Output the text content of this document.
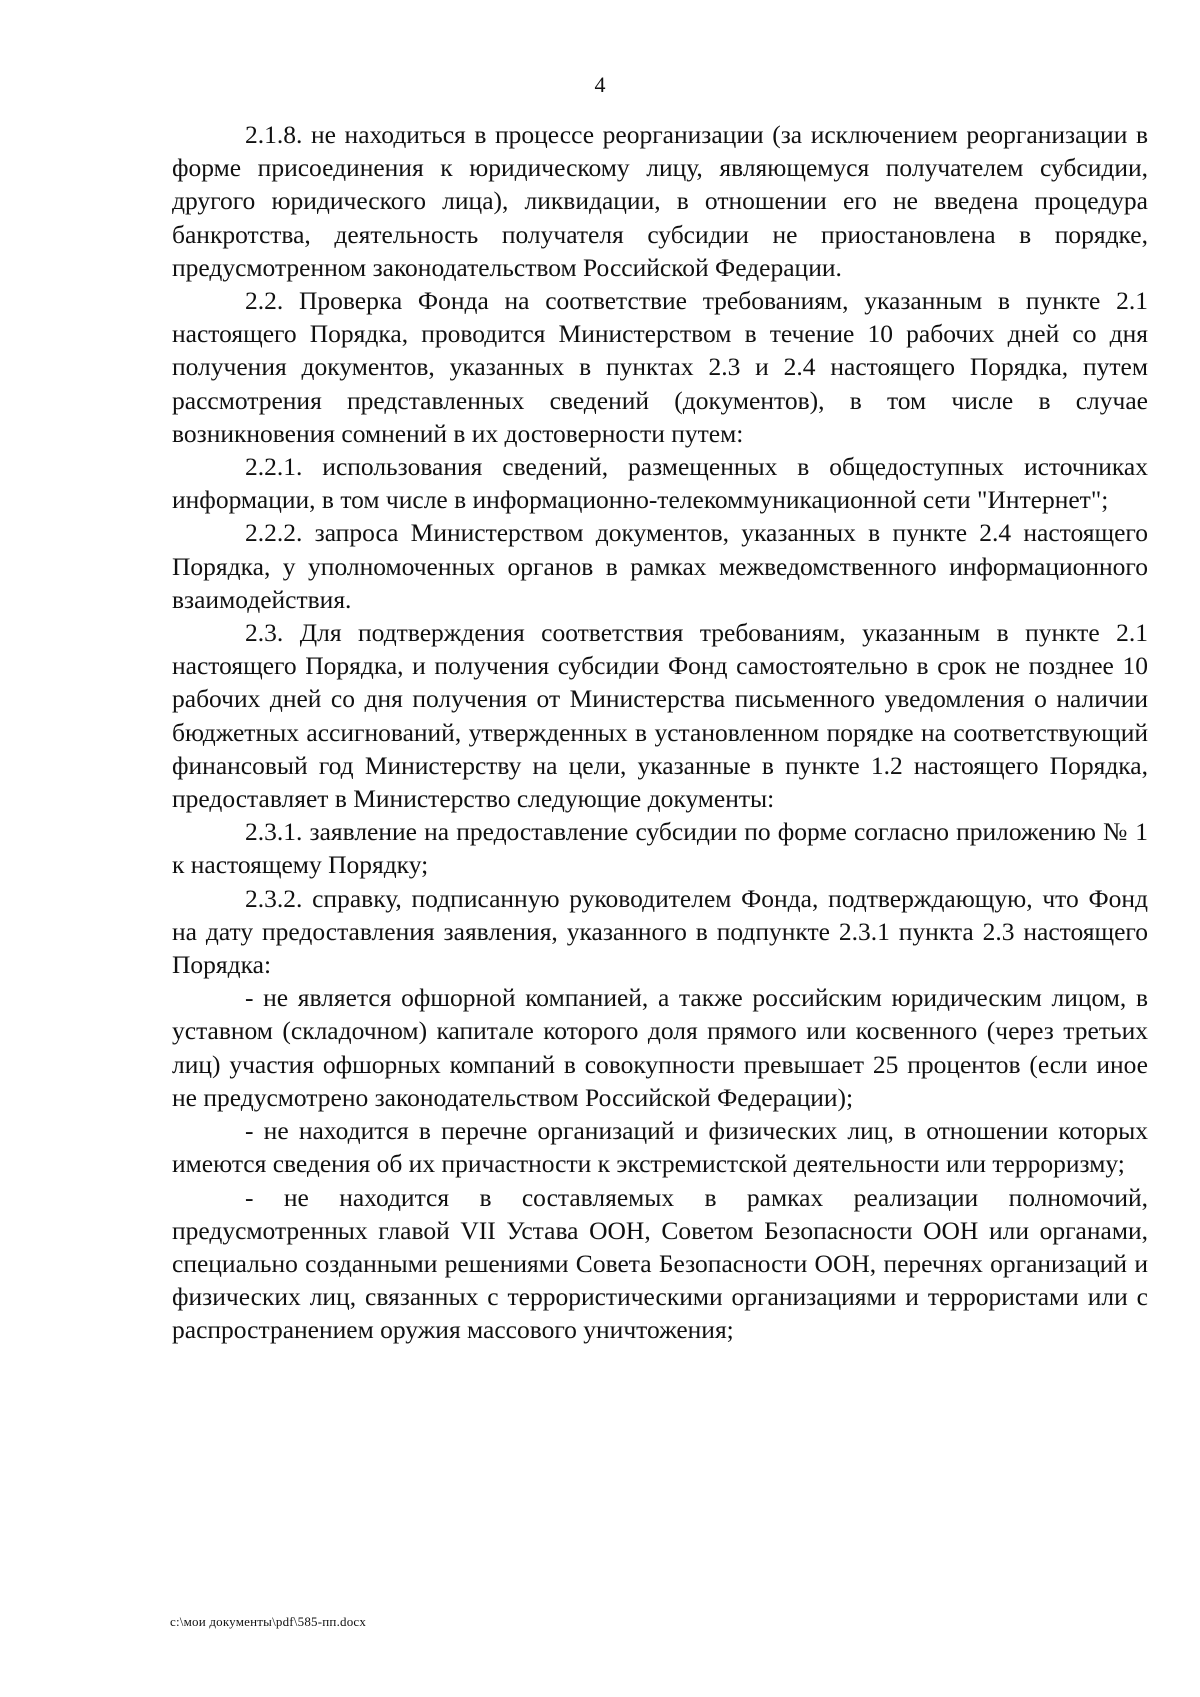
4

2.1.8. не находиться в процессе реорганизации (за исключением реорганизации в форме присоединения к юридическому лицу, являющемуся получателем субсидии, другого юридического лица), ликвидации, в отношении его не введена процедура банкротства, деятельность получателя субсидии не приостановлена в порядке, предусмотренном законодательством Российской Федерации.

2.2. Проверка Фонда на соответствие требованиям, указанным в пункте 2.1 настоящего Порядка, проводится Министерством в течение 10 рабочих дней со дня получения документов, указанных в пунктах 2.3 и 2.4 настоящего Порядка, путем рассмотрения представленных сведений (документов), в том числе в случае возникновения сомнений в их достоверности путем:

2.2.1. использования сведений, размещенных в общедоступных источниках информации, в том числе в информационно-телекоммуникационной сети "Интернет";

2.2.2. запроса Министерством документов, указанных в пункте 2.4 настоящего Порядка, у уполномоченных органов в рамках межведомственного информационного взаимодействия.

2.3. Для подтверждения соответствия требованиям, указанным в пункте 2.1 настоящего Порядка, и получения субсидии Фонд самостоятельно в срок не позднее 10 рабочих дней со дня получения от Министерства письменного уведомления о наличии бюджетных ассигнований, утвержденных в установленном порядке на соответствующий финансовый год Министерству на цели, указанные в пункте 1.2 настоящего Порядка, предоставляет в Министерство следующие документы:

2.3.1. заявление на предоставление субсидии по форме согласно приложению № 1 к настоящему Порядку;

2.3.2. справку, подписанную руководителем Фонда, подтверждающую, что Фонд на дату предоставления заявления, указанного в подпункте 2.3.1 пункта 2.3 настоящего Порядка:

- не является офшорной компанией, а также российским юридическим лицом, в уставном (складочном) капитале которого доля прямого или косвенного (через третьих лиц) участия офшорных компаний в совокупности превышает 25 процентов (если иное не предусмотрено законодательством Российской Федерации);

- не находится в перечне организаций и физических лиц, в отношении которых имеются сведения об их причастности к экстремистской деятельности или терроризму;

- не находится в составляемых в рамках реализации полномочий, предусмотренных главой VII Устава ООН, Советом Безопасности ООН или органами, специально созданными решениями Совета Безопасности ООН, перечнях организаций и физических лиц, связанных с террористическими организациями и террористами или с распространением оружия массового уничтожения;

c:\мои документы\pdf\585-пп.docx
